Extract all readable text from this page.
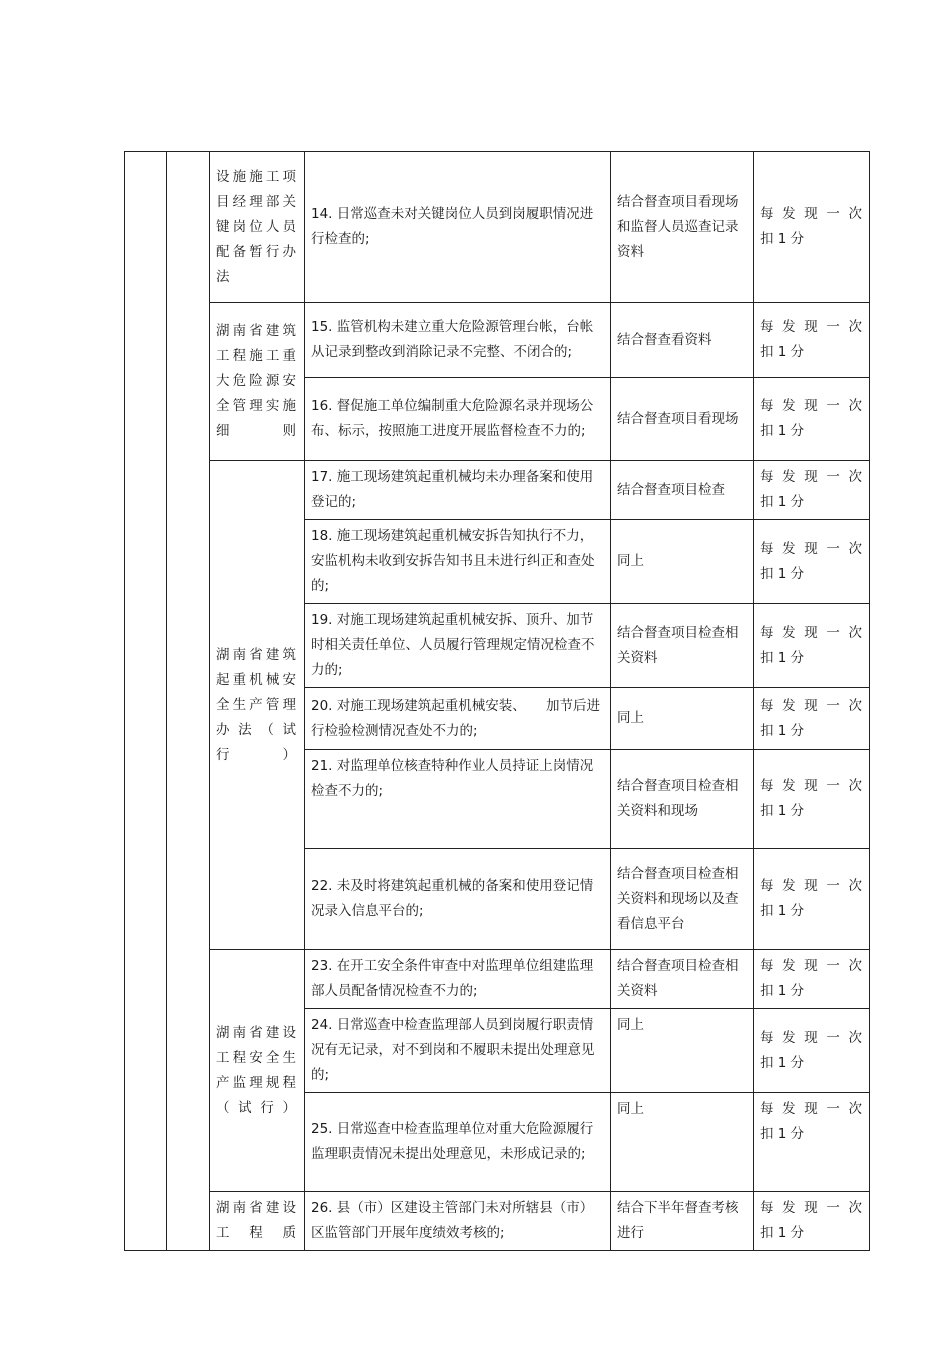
		设施施工项目经理部关键岗位人员配备暂行办法	14. 日常巡查未对关键岗位人员到岗履职情况进行检查的;	结合督查项目看现场和监督人员巡查记录资料	每发现一次
扣 1 分

		湖南省建筑工程施工重大危险源安全管理实施细则	15. 监管机构未建立重大危险源管理台帐，台帐从记录到整改到消除记录不完整、不闭合的;	结合督查看资料	每发现一次
扣 1 分

			16. 督促施工单位编制重大危险源名录并现场公布、标示，按照施工进度开展监督检查不力的;	结合督查项目看现场	每发现一次
扣 1 分

		湖南省建筑起重机械安全生产管理办法（试行）	17. 施工现场建筑起重机械均未办理备案和使用登记的;	结合督查项目检查	每发现一次
扣 1 分

			18. 施工现场建筑起重机械安拆告知执行不力，安监机构未收到安拆告知书且未进行纠正和查处的;	同上	每发现一次
扣 1 分

			19. 对施工现场建筑起重机械安拆、顶升、加节时相关责任单位、人员履行管理规定情况检查不力的;	结合督查项目检查相关资料	每发现一次
扣 1 分

			20. 对施工现场建筑起重机械安装、　　加节后进行检验检测情况查处不力的;	同上	每发现一次
扣 1 分

			21. 对监理单位核查特种作业人员持证上岗情况检查不力的;	结合督查项目检查相关资料和现场	每发现一次
扣 1 分

			22. 未及时将建筑起重机械的备案和使用登记情况录入信息平台的;	结合督查项目检查相关资料和现场以及查看信息平台	每发现一次
扣 1 分

		湖南省建设工程安全生产监理规程（试行）	23. 在开工安全条件审查中对监理单位组建监理部人员配备情况检查不力的;	结合督查项目检查相关资料	每发现一次
扣 1 分

			24. 日常巡查中检查监理部人员到岗履行职责情况有无记录，对不到岗和不履职未提出处理意见的;	同上	每发现一次
扣 1 分

			25. 日常巡查中检查监理单位对重大危险源履行监理职责情况未提出处理意见，未形成记录的;	同上	每发现一次
扣 1 分

		湖南省建设工程质	26. 县（市）区建设主管部门未对所辖县（市）区监管部门开展年度绩效考核的;	结合下半年督查考核进行	每发现一次
扣 1 分
